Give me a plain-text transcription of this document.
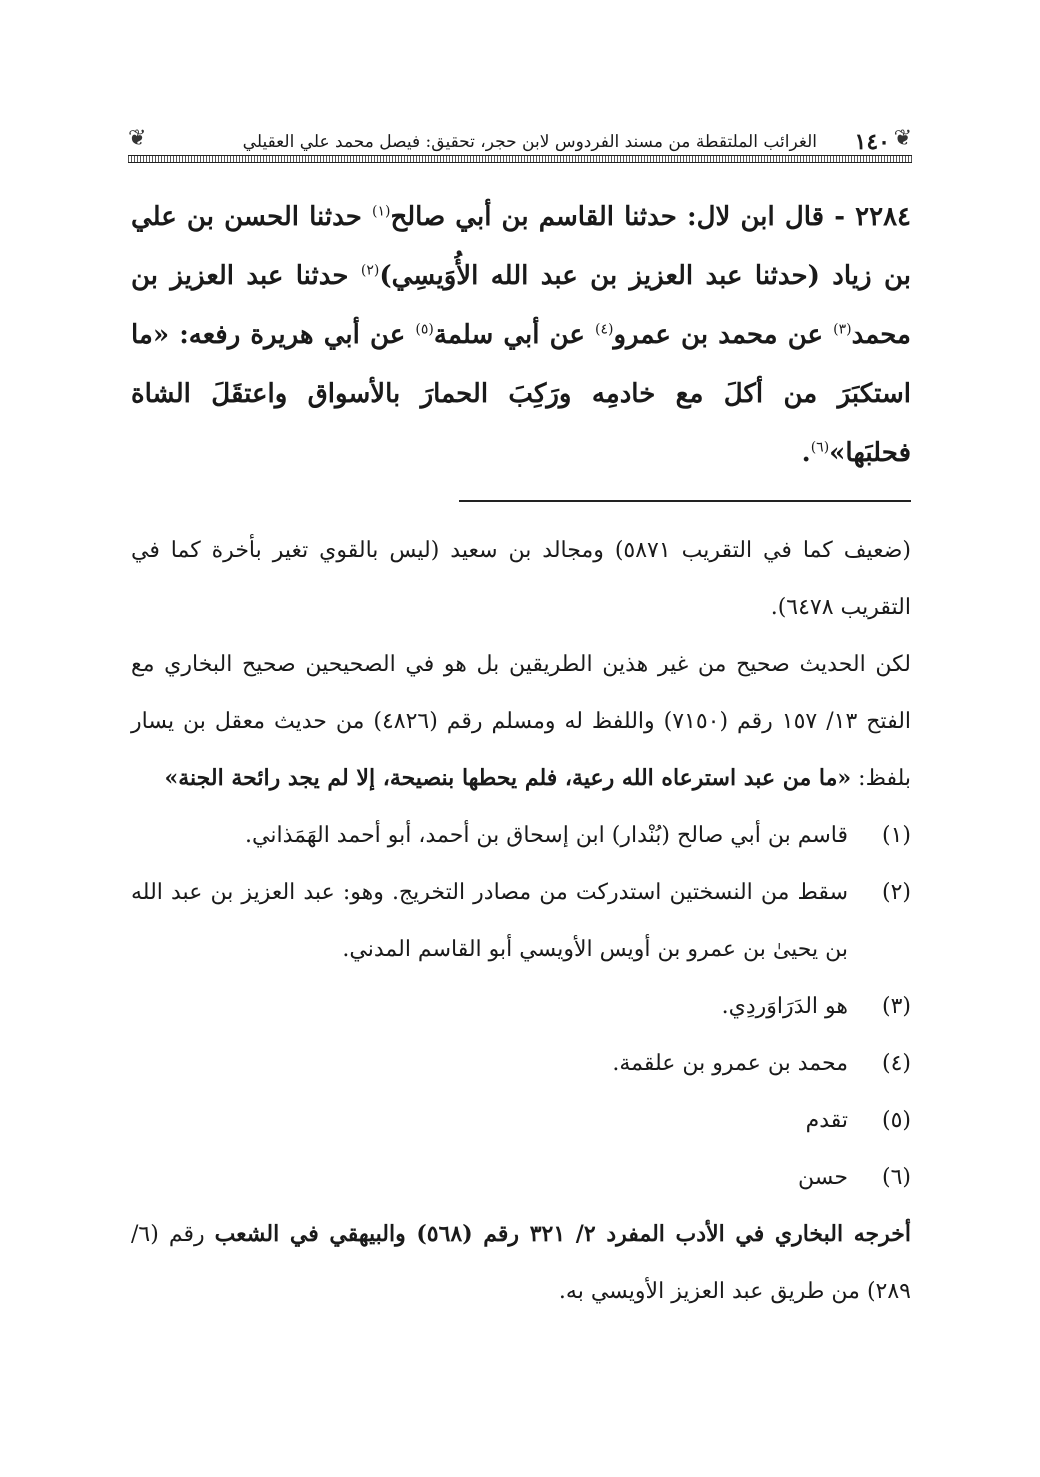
❦
١٤٠
الغرائب الملتقطة من مسند الفردوس لابن حجر، تحقيق: فيصل محمد علي العقيلي
❦

٢٢٨٤ - قال ابن لال: حدثنا القاسم بن أبي صالح$^{(١)}$ حدثنا الحسن بن علي بن زياد (حدثنا عبد العزيز بن عبد الله الأُوَيسِي)$^{(٢)}$ حدثنا عبد العزيز بن محمد$^{(٣)}$ عن محمد بن عمرو$^{(٤)}$ عن أبي سلمة$^{(٥)}$ عن أبي هريرة رفعه: «ما استكبَرَ من أكلَ مع خادمِه ورَكِبَ الحمارَ بالأسواق واعتقَلَ الشاة فحلبَها»$^{(٦)}$.

(ضعيف كما في التقريب ٥٨٧١) ومجالد بن سعيد (ليس بالقوي تغير بأخرة كما في التقريب ٦٤٧٨).
لكن الحديث صحيح من غير هذين الطريقين بل هو في الصحيحين صحيح البخاري مع الفتح ١٣/ ١٥٧ رقم (٧١٥٠) واللفظ له ومسلم رقم (٤٨٢٦) من حديث معقل بن يسار بلفظ: «ما من عبد استرعاه الله رعية، فلم يحطها بنصيحة، إلا لم يجد رائحة الجنة»
(١)
قاسم بن أبي صالح (بُنْدار) ابن إسحاق بن أحمد، أبو أحمد الهَمَذاني.
(٢)
سقط من النسختين استدركت من مصادر التخريج. وهو: عبد العزيز بن عبد الله بن يحيىٰ بن عمرو بن أويس الأويسي أبو القاسم المدني.
(٣)
هو الدَرَاوَردِي.
(٤)
محمد بن عمرو بن علقمة.
(٥)
تقدم
(٦)
حسن
أخرجه البخاري في الأدب المفرد ٢/ ٣٢١ رقم (٥٦٨) والبيهقي في الشعب رقم (٦/ ٢٨٩) من طريق عبد العزيز الأويسي به.
